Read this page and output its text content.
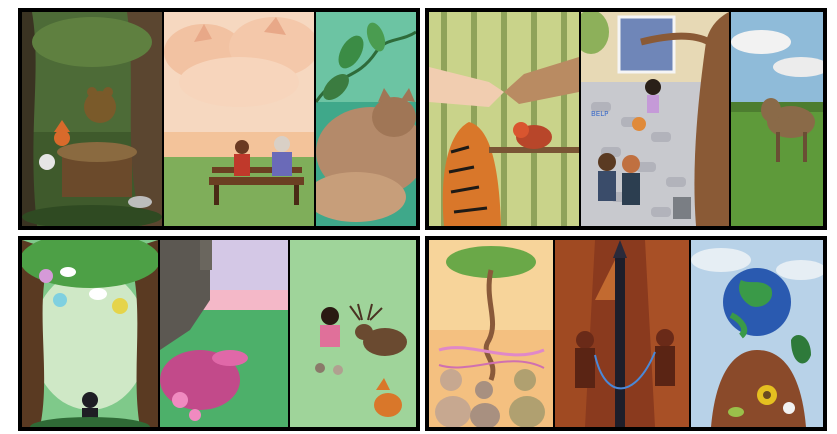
BELP
